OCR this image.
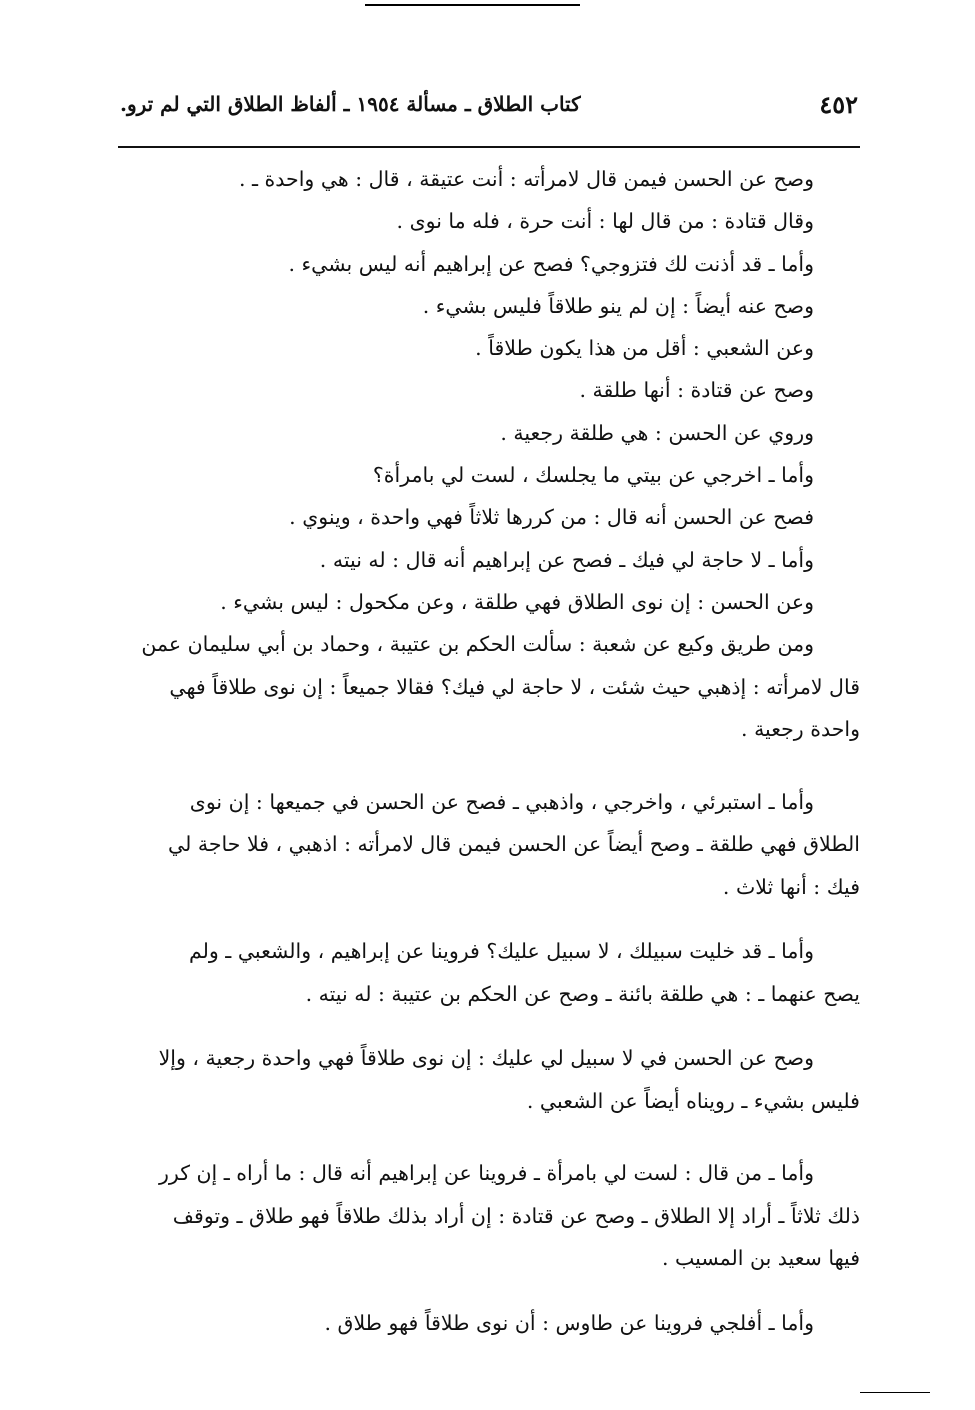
٤٥٢
كتاب الطلاق ـ مسألة ١٩٥٤ ـ ألفاظ الطلاق التي لم ترو.
وصح عن الحسن فيمن قال لامرأته : أنت عتيقة ، قال : هي واحدة ـ .
وقال قتادة : من قال لها : أنت حرة ، فله ما نوى .
وأما ـ قد أذنت لك فتزوجي؟ فصح عن إبراهيم أنه ليس بشيء .
وصح عنه أيضاً : إن لم ينو طلاقاً فليس بشيء .
وعن الشعبي : أقل من هذا يكون طلاقاً .
وصح عن قتادة : أنها طلقة .
وروي عن الحسن : هي طلقة رجعية .
وأما ـ اخرجي عن بيتي ما يجلسك ، لست لي بامرأة؟
فصح عن الحسن أنه قال : من كررها ثلاثاً فهي واحدة ، وينوي .
وأما ـ لا حاجة لي فيك ـ فصح عن إبراهيم أنه قال : له نيته .
وعن الحسن : إن نوى الطلاق فهي طلقة ، وعن مكحول : ليس بشيء .
ومن طريق وكيع عن شعبة : سألت الحكم بن عتيبة ، وحماد بن أبي سليمان عمن
قال لامرأته : إذهبي حيث شئت ، لا حاجة لي فيك؟ فقالا جميعاً : إن نوى طلاقاً فهي
واحدة رجعية .
وأما ـ استبرئي ، واخرجي ، واذهبي ـ فصح عن الحسن في جميعها : إن نوى
الطلاق فهي طلقة ـ وصح أيضاً عن الحسن فيمن قال لامرأته : اذهبي ، فلا حاجة لي
فيك : أنها ثلاث .
وأما ـ قد خليت سبيلك ، لا سبيل عليك؟ فروينا عن إبراهيم ، والشعبي ـ ولم
يصح عنهما ـ : هي طلقة بائنة ـ وصح عن الحكم بن عتيبة : له نيته .
وصح عن الحسن في لا سبيل لي عليك : إن نوى طلاقاً فهي واحدة رجعية ، وإلا
فليس بشيء ـ رويناه أيضاً عن الشعبي .
وأما ـ من قال : لست لي بامرأة ـ فروينا عن إبراهيم أنه قال : ما أراه ـ إن كرر
ذلك ثلاثاً ـ أراد إلا الطلاق ـ وصح عن قتادة : إن أراد بذلك طلاقاً فهو طلاق ـ وتوقف
فيها سعيد بن المسيب .
وأما ـ أفلجي فروينا عن طاوس : أن نوى طلاقاً فهو طلاق .
